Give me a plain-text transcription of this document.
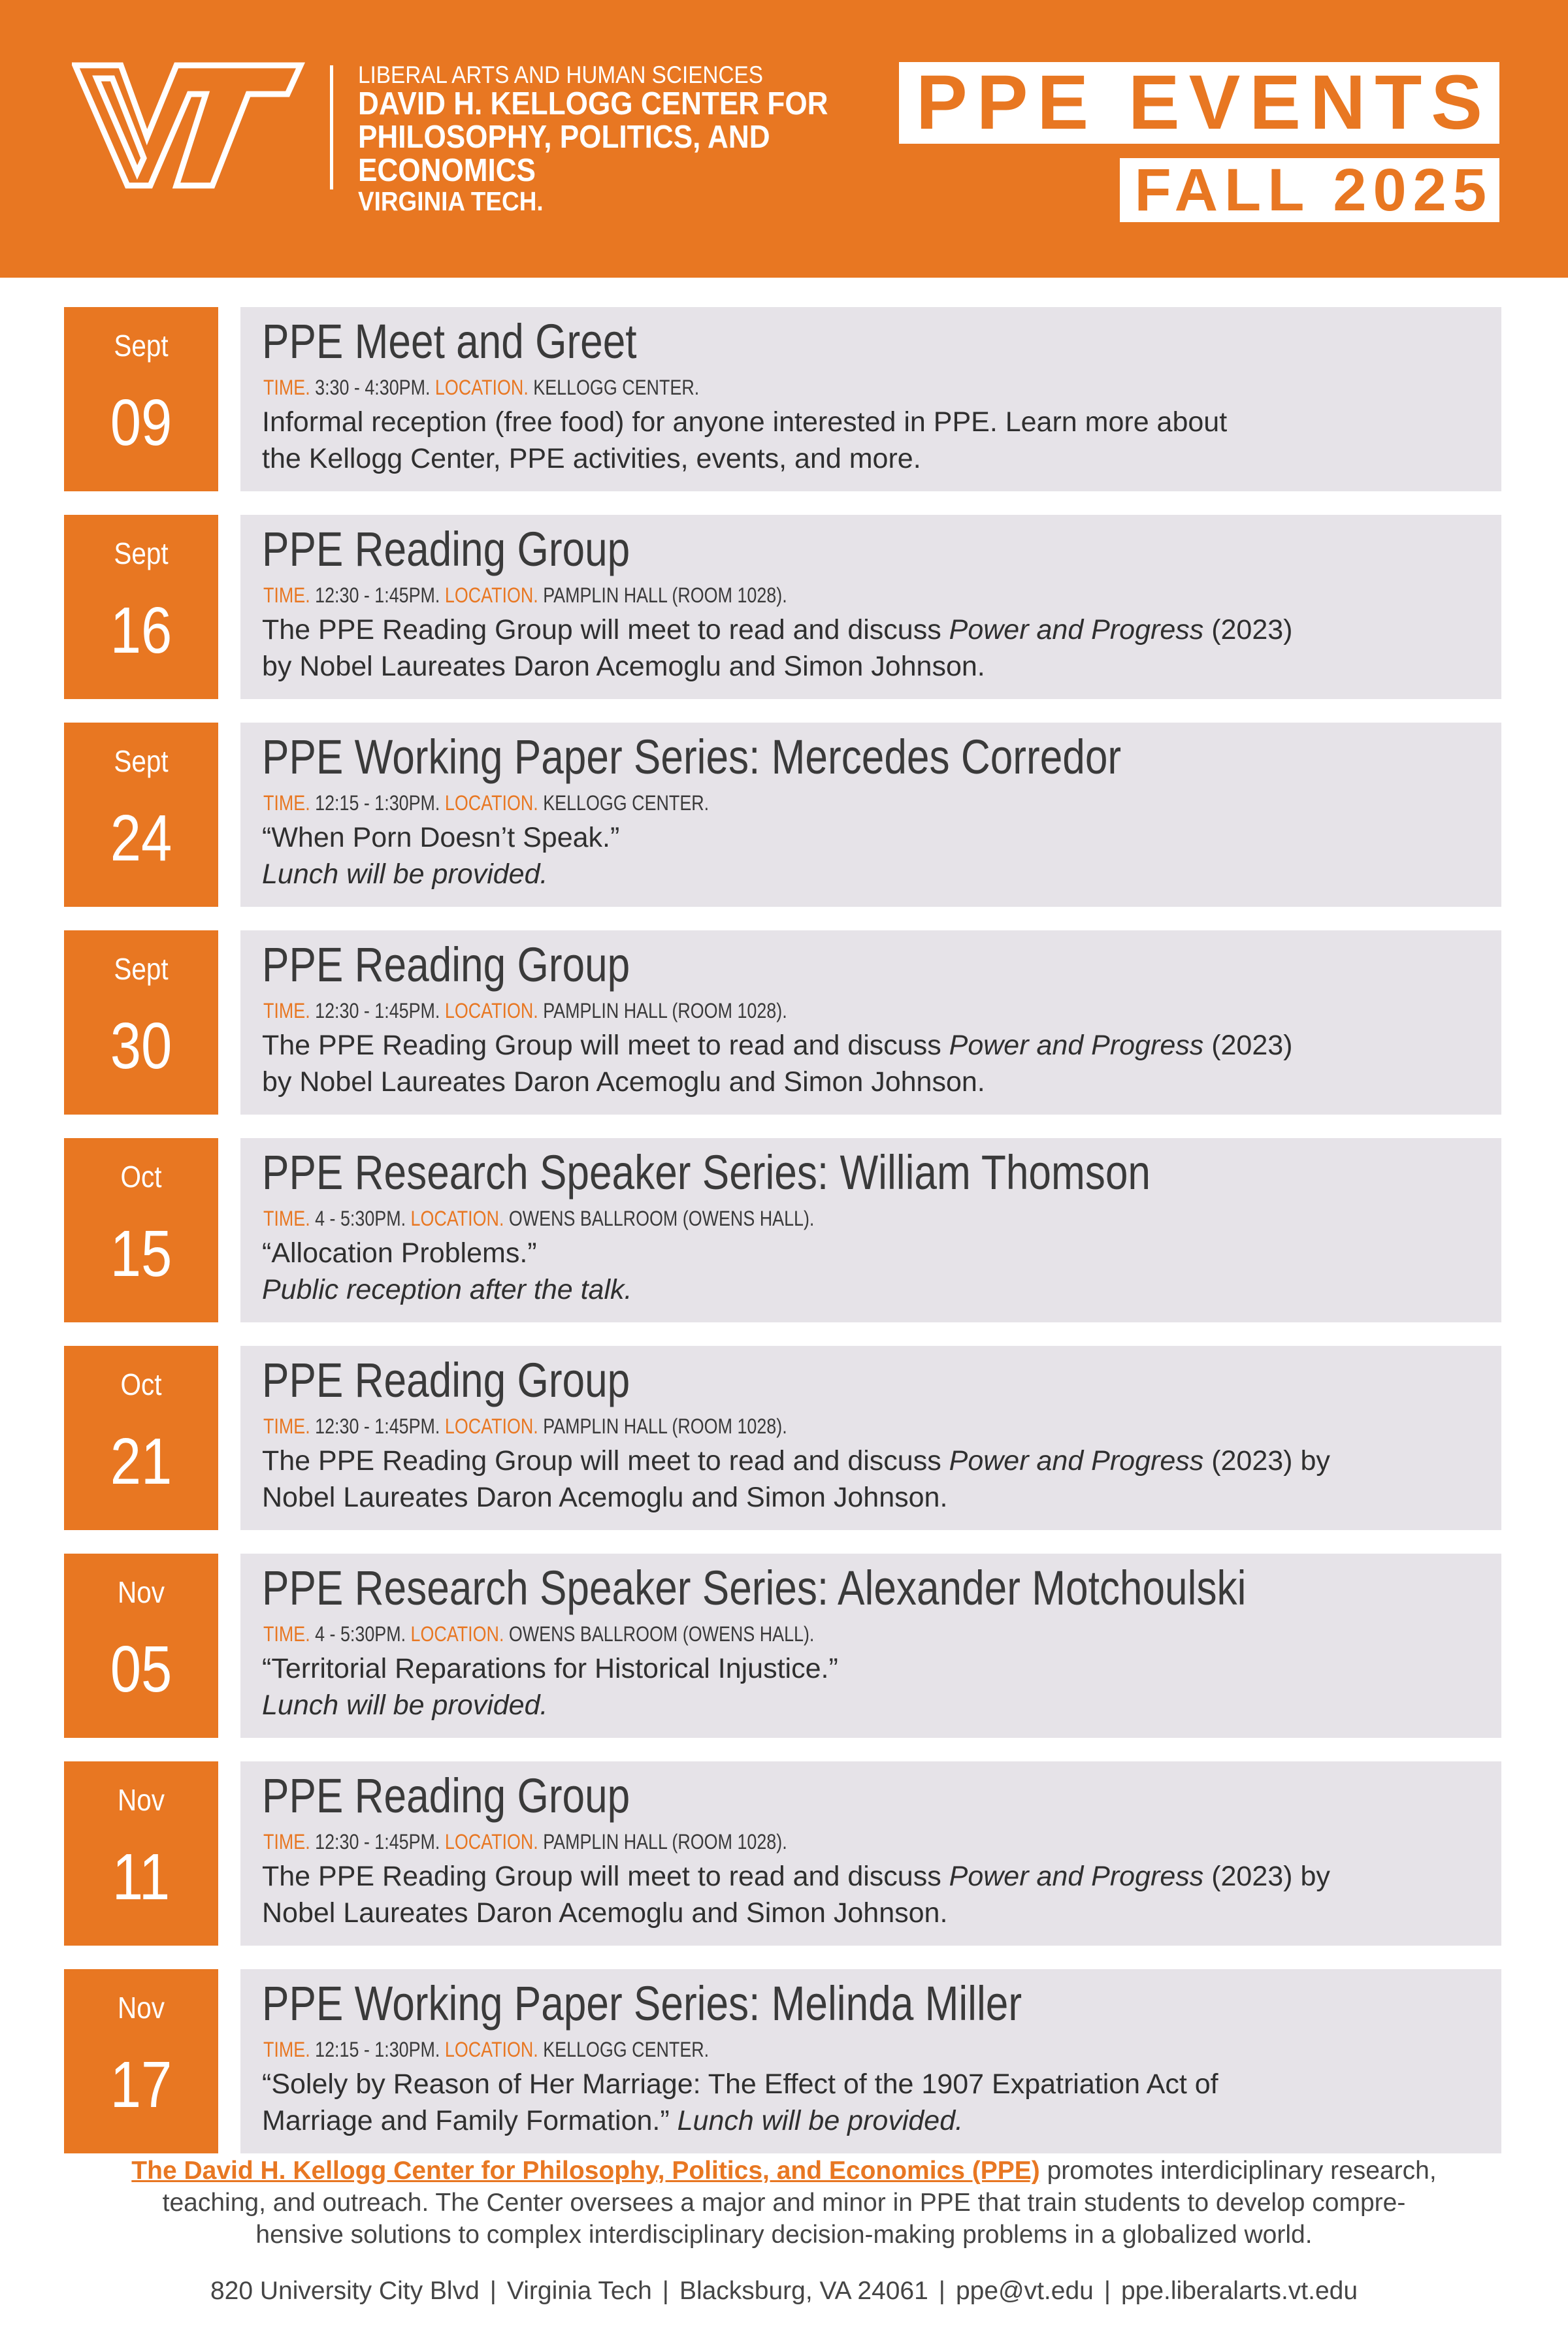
LIBERAL ARTS AND HUMAN SCIENCES
DAVID H. KELLOGG CENTER FOR
PHILOSOPHY, POLITICS, AND ECONOMICS
VIRGINIA TECH.
PPE EVENTS
FALL 2025
Sept
09
PPE Meet and Greet
TIME. 3:30 - 4:30PM. LOCATION. KELLOGG CENTER.
Informal reception (free food) for anyone interested in PPE. Learn more about
the Kellogg Center, PPE activities, events, and more.
Sept
16
PPE Reading Group
TIME. 12:30 - 1:45PM. LOCATION. PAMPLIN HALL (ROOM 1028).
The PPE Reading Group will meet to read and discuss Power and Progress (2023)
by Nobel Laureates Daron Acemoglu and Simon Johnson.
Sept
24
PPE Working Paper Series: Mercedes Corredor
TIME. 12:15 - 1:30PM. LOCATION. KELLOGG CENTER.
“When Porn Doesn’t Speak.”
Lunch will be provided.
Sept
30
PPE Reading Group
TIME. 12:30 - 1:45PM. LOCATION. PAMPLIN HALL (ROOM 1028).
The PPE Reading Group will meet to read and discuss Power and Progress (2023)
by Nobel Laureates Daron Acemoglu and Simon Johnson.
Oct
15
PPE Research Speaker Series: William Thomson
TIME. 4 - 5:30PM. LOCATION. OWENS BALLROOM (OWENS HALL).
“Allocation Problems.”
Public reception after the talk.
Oct
21
PPE Reading Group
TIME. 12:30 - 1:45PM. LOCATION. PAMPLIN HALL (ROOM 1028).
The PPE Reading Group will meet to read and discuss Power and Progress (2023) by
Nobel Laureates Daron Acemoglu and Simon Johnson.
Nov
05
PPE Research Speaker Series: Alexander Motchoulski
TIME. 4 - 5:30PM. LOCATION. OWENS BALLROOM (OWENS HALL).
“Territorial Reparations for Historical Injustice.”
Lunch will be provided.
Nov
11
PPE Reading Group
TIME. 12:30 - 1:45PM. LOCATION. PAMPLIN HALL (ROOM 1028).
The PPE Reading Group will meet to read and discuss Power and Progress (2023) by
Nobel Laureates Daron Acemoglu and Simon Johnson.
Nov
17
PPE Working Paper Series: Melinda Miller
TIME. 12:15 - 1:30PM. LOCATION. KELLOGG CENTER.
“Solely by Reason of Her Marriage: The Effect of the 1907 Expatriation Act of
Marriage and Family Formation.” Lunch will be provided.
The David H. Kellogg Center for Philosophy, Politics, and Economics (PPE) promotes interdiciplinary research,
teaching, and outreach. The Center oversees a major and minor in PPE that train students to develop compre-
hensive solutions to complex interdisciplinary decision-making problems in a globalized world.
820 University City Blvd | Virginia Tech | Blacksburg, VA 24061 | ppe@vt.edu | ppe.liberalarts.vt.edu
